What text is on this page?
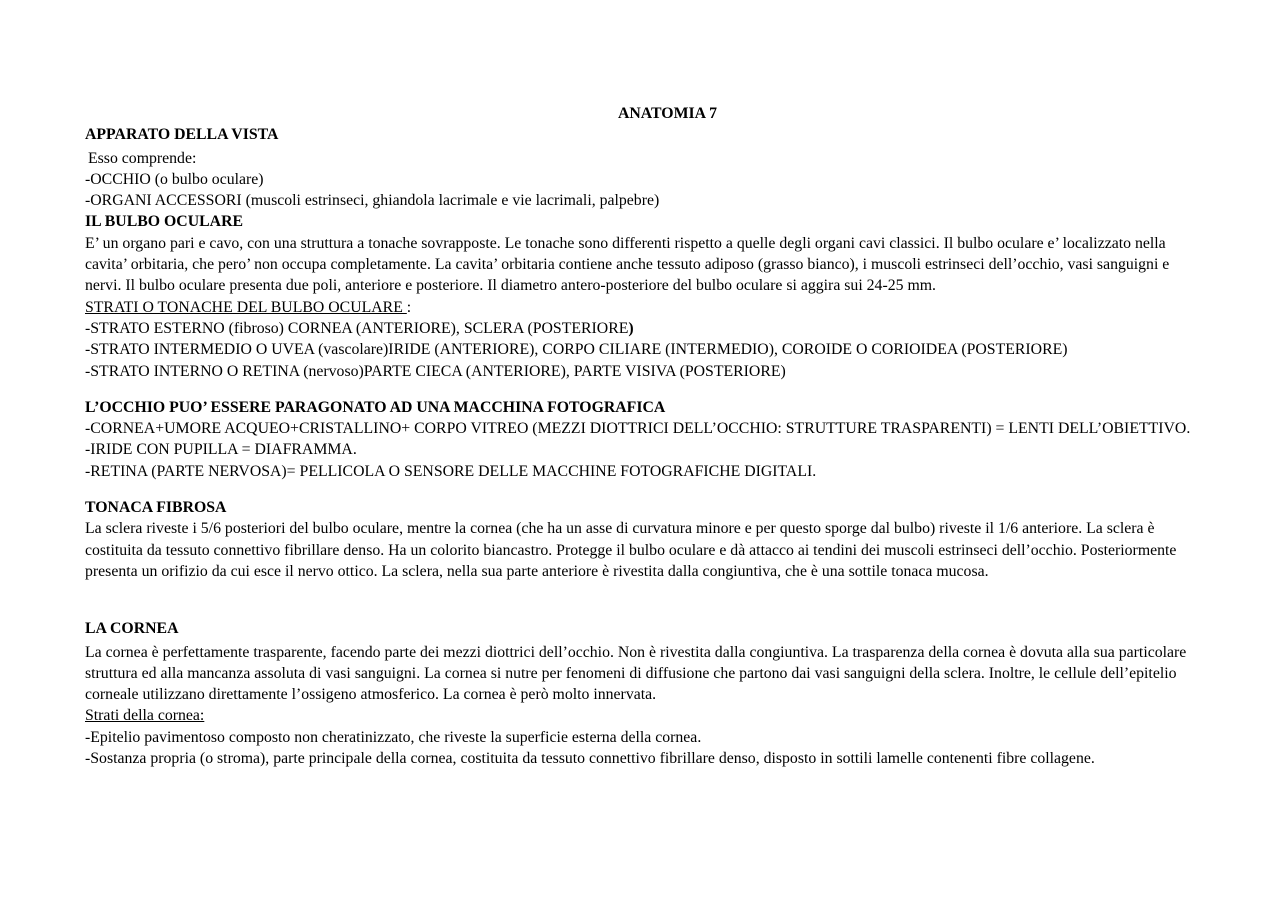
ANATOMIA 7

APPARATO DELLA VISTA

Esso comprende:

-OCCHIO (o bulbo oculare)

-ORGANI ACCESSORI (muscoli estrinseci, ghiandola lacrimale e vie lacrimali, palpebre)

IL BULBO OCULARE

E’ un organo pari e cavo, con una struttura a tonache sovrapposte. Le tonache sono differenti rispetto a quelle degli organi cavi classici. Il bulbo oculare e’ localizzato nella cavita’ orbitaria, che pero’ non occupa completamente. La cavita’ orbitaria contiene anche tessuto adiposo (grasso bianco), i muscoli estrinseci dell’occhio, vasi sanguigni e nervi. Il bulbo oculare presenta due poli, anteriore e posteriore. Il diametro antero-posteriore del bulbo oculare si aggira sui 24-25 mm.

STRATI O TONACHE DEL BULBO OCULARE :

-STRATO ESTERNO (fibroso) CORNEA (ANTERIORE), SCLERA (POSTERIORE)

-STRATO INTERMEDIO O UVEA (vascolare)IRIDE (ANTERIORE), CORPO CILIARE (INTERMEDIO), COROIDE O CORIOIDEA (POSTERIORE)

-STRATO INTERNO O RETINA (nervoso)PARTE CIECA (ANTERIORE), PARTE VISIVA (POSTERIORE)

L’OCCHIO PUO’ ESSERE PARAGONATO AD UNA MACCHINA FOTOGRAFICA

-CORNEA+UMORE ACQUEO+CRISTALLINO+ CORPO VITREO (MEZZI DIOTTRICI DELL’OCCHIO: STRUTTURE TRASPARENTI) = LENTI DELL’OBIETTIVO.

-IRIDE CON PUPILLA = DIAFRAMMA.

-RETINA (PARTE NERVOSA)= PELLICOLA O SENSORE DELLE MACCHINE FOTOGRAFICHE DIGITALI.

TONACA FIBROSA

La sclera riveste i 5/6 posteriori del bulbo oculare, mentre la cornea (che ha un asse di curvatura minore e per questo sporge dal bulbo) riveste il 1/6 anteriore. La sclera è costituita da tessuto connettivo fibrillare denso. Ha un colorito biancastro. Protegge il bulbo oculare e dà attacco ai tendini dei muscoli estrinseci dell’occhio. Posteriormente presenta un orifizio da cui esce il nervo ottico. La sclera, nella sua parte anteriore è rivestita dalla congiuntiva, che è una sottile tonaca mucosa.

LA CORNEA

La cornea è perfettamente trasparente, facendo parte dei mezzi diottrici dell’occhio. Non è rivestita dalla congiuntiva. La trasparenza della cornea è dovuta alla sua particolare struttura ed alla mancanza assoluta di vasi sanguigni. La cornea si nutre per fenomeni di diffusione che partono dai vasi sanguigni della sclera. Inoltre, le cellule dell’epitelio corneale utilizzano direttamente l’ossigeno atmosferico. La cornea è però molto innervata.

Strati della cornea:

-Epitelio pavimentoso composto non cheratinizzato, che riveste la superficie esterna della cornea.

-Sostanza propria (o stroma), parte principale della cornea, costituita da tessuto connettivo fibrillare denso, disposto in sottili lamelle contenenti fibre collagene.
